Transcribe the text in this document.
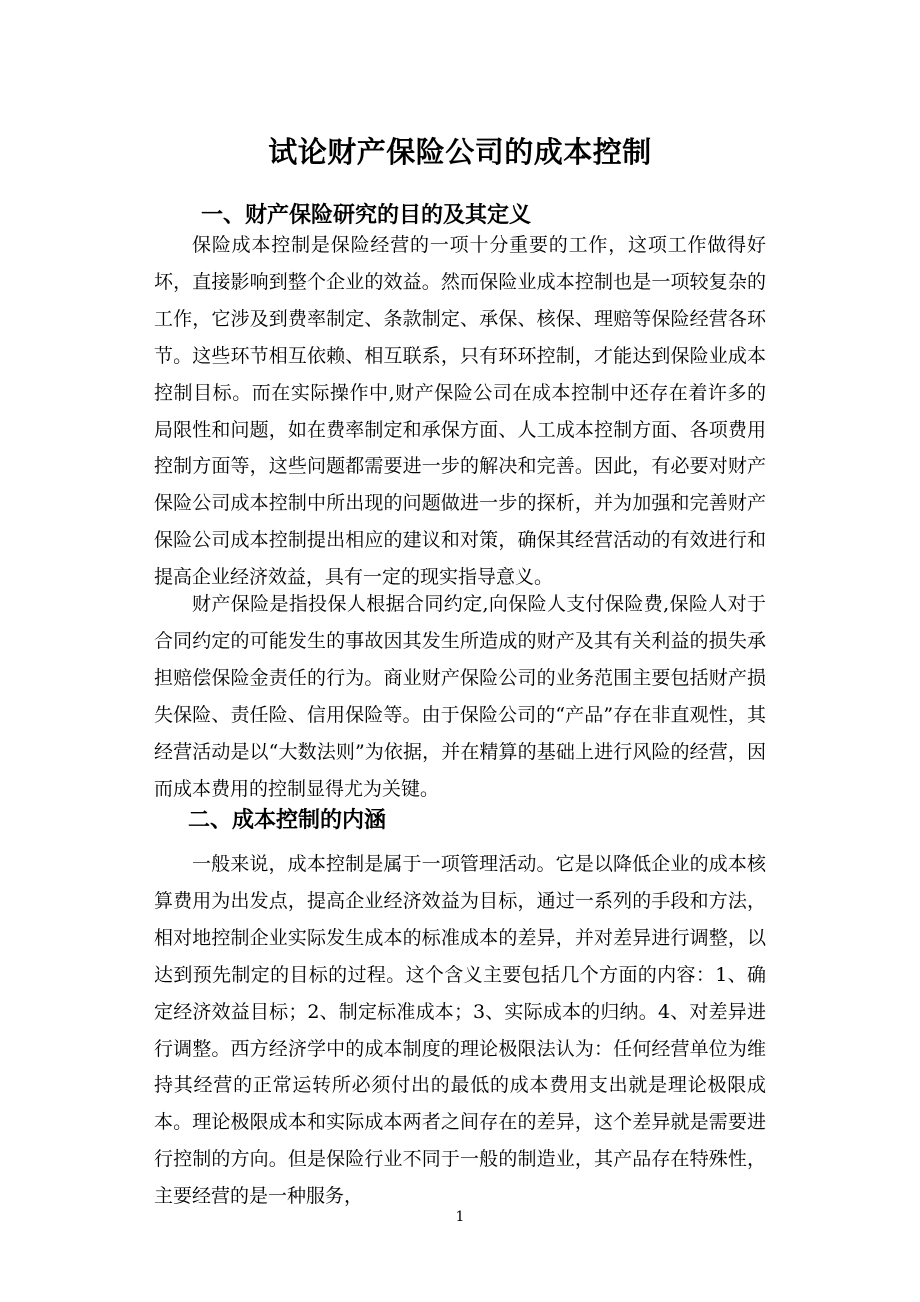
试论财产保险公司的成本控制
一、财产保险研究的目的及其定义

保险成本控制是保险经营的一项十分重要的工作，这项工作做得好坏，直接影响到整个企业的效益。然而保险业成本控制也是一项较复杂的工作，它涉及到费率制定、条款制定、承保、核保、理赔等保险经营各环节。这些环节相互依赖、相互联系，只有环环控制，才能达到保险业成本控制目标。而在实际操作中,财产保险公司在成本控制中还存在着许多的局限性和问题，如在费率制定和承保方面、人工成本控制方面、各项费用控制方面等，这些问题都需要进一步的解决和完善。因此，有必要对财产保险公司成本控制中所出现的问题做进一步的探析，并为加强和完善财产保险公司成本控制提出相应的建议和对策，确保其经营活动的有效进行和提高企业经济效益，具有一定的现实指导意义。

财产保险是指投保人根据合同约定,向保险人支付保险费,保险人对于合同约定的可能发生的事故因其发生所造成的财产及其有关利益的损失承担赔偿保险金责任的行为。商业财产保险公司的业务范围主要包括财产损失保险、责任险、信用保险等。由于保险公司的“产品”存在非直观性，其经营活动是以“大数法则”为依据，并在精算的基础上进行风险的经营，因而成本费用的控制显得尤为关键。

二、成本控制的内涵

一般来说，成本控制是属于一项管理活动。它是以降低企业的成本核算费用为出发点，提高企业经济效益为目标，通过一系列的手段和方法，相对地控制企业实际发生成本的标准成本的差异，并对差异进行调整，以达到预先制定的目标的过程。这个含义主要包括几个方面的内容：1、确定经济效益目标；2、制定标准成本；3、实际成本的归纳。4、对差异进行调整。西方经济学中的成本制度的理论极限法认为：任何经营单位为维持其经营的正常运转所必须付出的最低的成本费用支出就是理论极限成本。理论极限成本和实际成本两者之间存在的差异，这个差异就是需要进行控制的方向。但是保险行业不同于一般的制造业，其产品存在特殊性，主要经营的是一种服务，

1
